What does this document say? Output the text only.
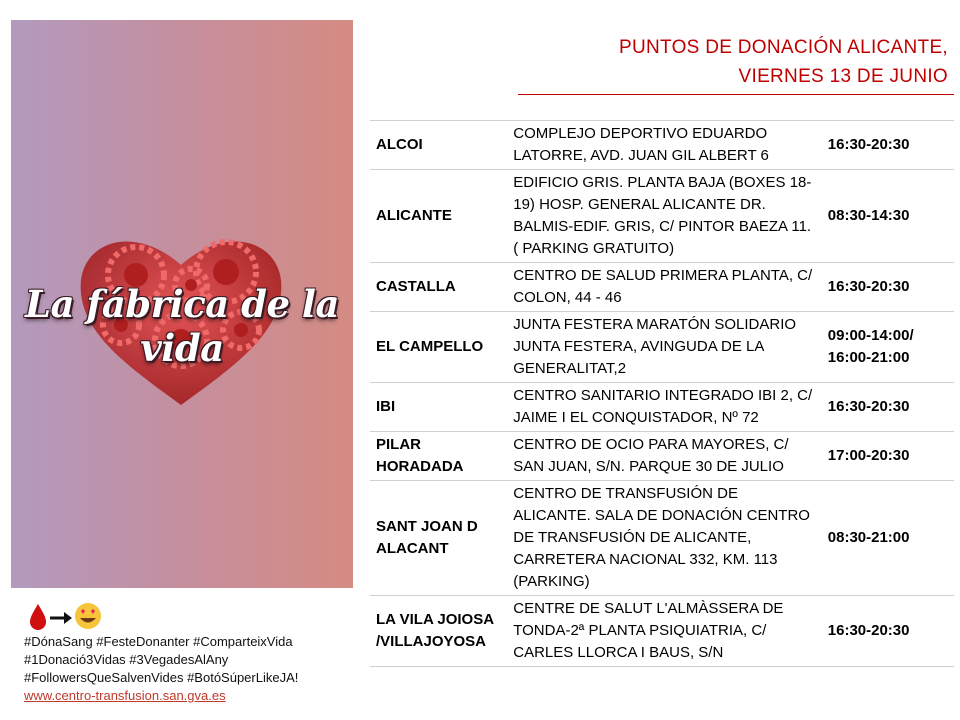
La fábrica de la vida
#DónaSang #FesteDonanter #ComparteixVida
#1Donació3Vidas #3VegadesAlAny
#FollowersQueSalvenVides #BotóSúperLikeJA!
www.centro-transfusion.san.gva.es
PUNTOS DE DONACIÓN ALICANTE,
VIERNES 13 DE JUNIO
ALCOI	COMPLEJO DEPORTIVO EDUARDO LATORRE, AVD. JUAN GIL ALBERT 6	16:30-20:30
ALICANTE	EDIFICIO GRIS. PLANTA BAJA (BOXES 18-19) HOSP. GENERAL ALICANTE DR. BALMIS-EDIF. GRIS, C/ PINTOR BAEZA 11.( PARKING GRATUITO)	08:30-14:30
CASTALLA	CENTRO DE SALUD PRIMERA PLANTA, C/ COLON, 44 - 46	16:30-20:30
EL CAMPELLO	JUNTA FESTERA MARATÓN SOLIDARIO JUNTA FESTERA, AVINGUDA DE LA GENERALITAT,2	09:00-14:00/ 16:00-21:00
IBI	CENTRO SANITARIO INTEGRADO IBI 2, C/ JAIME I EL CONQUISTADOR, Nº 72	16:30-20:30
PILAR HORADADA	CENTRO DE OCIO PARA MAYORES, C/ SAN JUAN, S/N. PARQUE 30 DE JULIO	17:00-20:30
SANT JOAN D ALACANT	CENTRO DE TRANSFUSIÓN DE ALICANTE. SALA DE DONACIÓN CENTRO DE TRANSFUSIÓN DE ALICANTE, CARRETERA NACIONAL 332, KM. 113 (PARKING)	08:30-21:00
LA VILA JOIOSA /VILLAJOYOSA	CENTRE DE SALUT L'ALMÀSSERA DE TONDA-2ª PLANTA PSIQUIATRIA, C/ CARLES LLORCA I BAUS, S/N	16:30-20:30
